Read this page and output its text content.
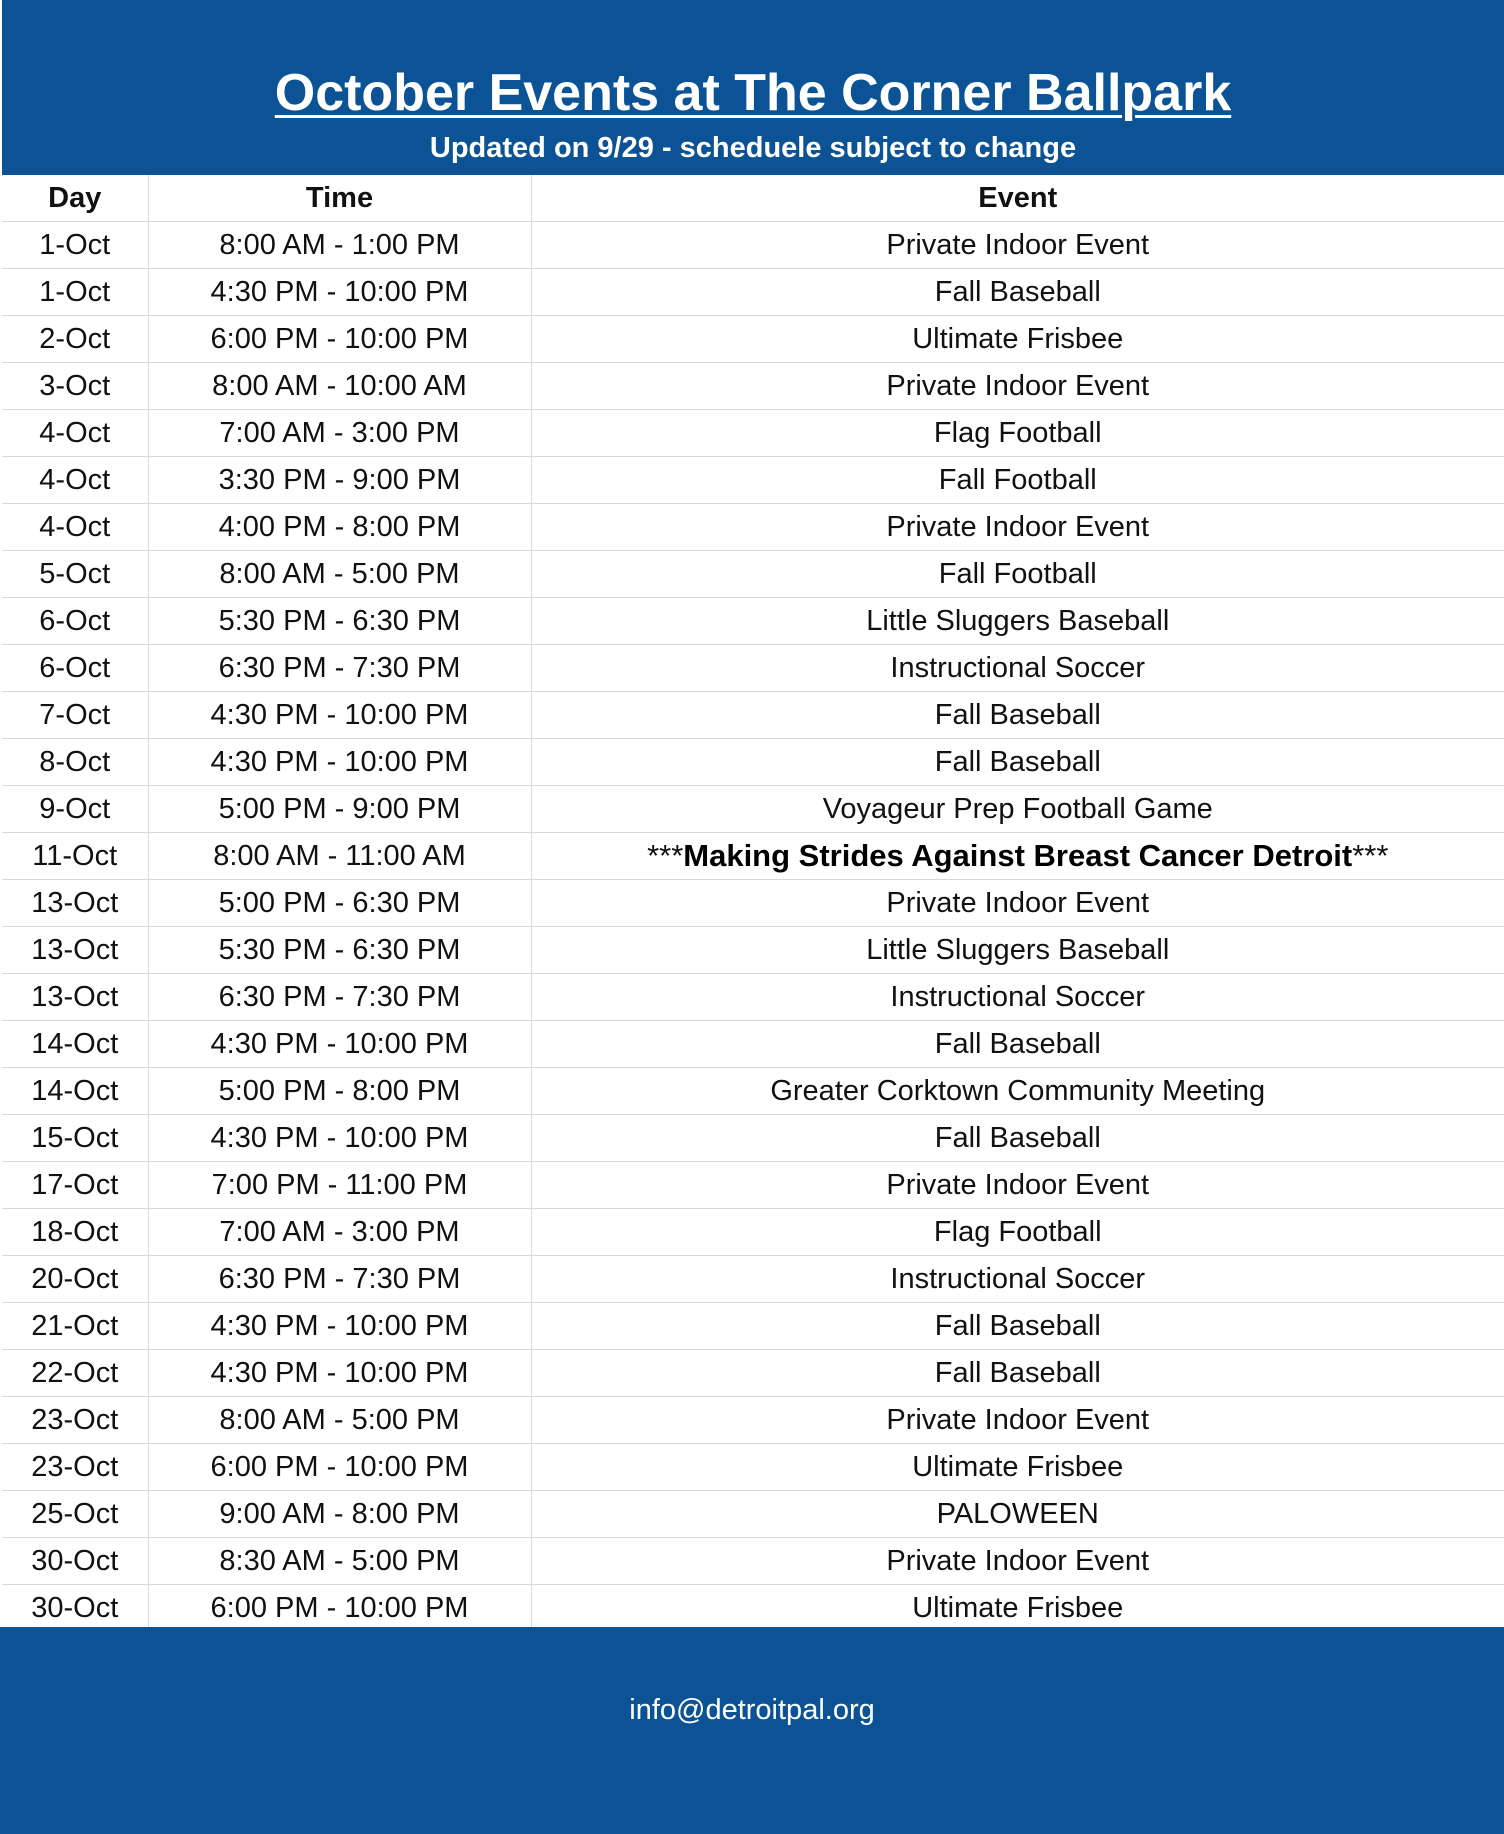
October Events at The Corner Ballpark
Updated on 9/29 - scheduele subject to change
Day	Time	Event
1-Oct	8:00 AM - 1:00 PM	Private Indoor Event
1-Oct	4:30 PM - 10:00 PM	Fall Baseball
2-Oct	6:00 PM - 10:00 PM	Ultimate Frisbee
3-Oct	8:00 AM - 10:00 AM	Private Indoor Event
4-Oct	7:00 AM - 3:00 PM	Flag Football
4-Oct	3:30 PM - 9:00 PM	Fall Football
4-Oct	4:00 PM - 8:00 PM	Private Indoor Event
5-Oct	8:00 AM - 5:00 PM	Fall Football
6-Oct	5:30 PM - 6:30 PM	Little Sluggers Baseball
6-Oct	6:30 PM - 7:30 PM	Instructional Soccer
7-Oct	4:30 PM - 10:00 PM	Fall Baseball
8-Oct	4:30 PM - 10:00 PM	Fall Baseball
9-Oct	5:00 PM - 9:00 PM	Voyageur Prep Football Game
11-Oct	8:00 AM - 11:00 AM	***Making Strides Against Breast Cancer Detroit***
13-Oct	5:00 PM - 6:30 PM	Private Indoor Event
13-Oct	5:30 PM - 6:30 PM	Little Sluggers Baseball
13-Oct	6:30 PM - 7:30 PM	Instructional Soccer
14-Oct	4:30 PM - 10:00 PM	Fall Baseball
14-Oct	5:00 PM - 8:00 PM	Greater Corktown Community Meeting
15-Oct	4:30 PM - 10:00 PM	Fall Baseball
17-Oct	7:00 PM - 11:00 PM	Private Indoor Event
18-Oct	7:00 AM - 3:00 PM	Flag Football
20-Oct	6:30 PM - 7:30 PM	Instructional Soccer
21-Oct	4:30 PM - 10:00 PM	Fall Baseball
22-Oct	4:30 PM - 10:00 PM	Fall Baseball
23-Oct	8:00 AM - 5:00 PM	Private Indoor Event
23-Oct	6:00 PM - 10:00 PM	Ultimate Frisbee
25-Oct	9:00 AM - 8:00 PM	PALOWEEN
30-Oct	8:30 AM - 5:00 PM	Private Indoor Event
30-Oct	6:00 PM - 10:00 PM	Ultimate Frisbee
info@detroitpal.org
